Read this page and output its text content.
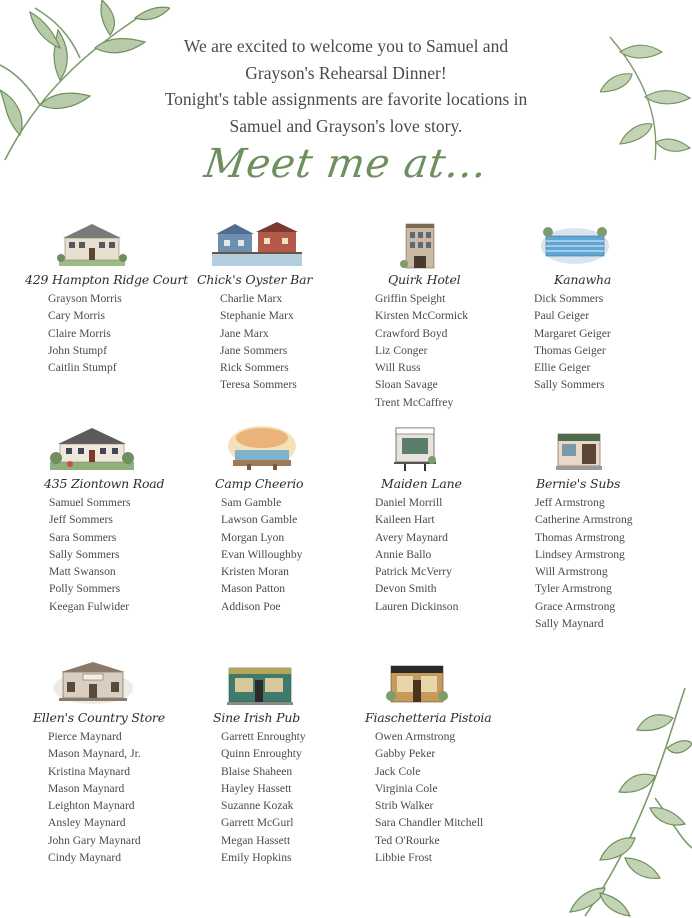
We are excited to welcome you to Samuel and
Grayson's Rehearsal Dinner!
Tonight's table assignments are favorite locations in
Samuel and Grayson's love story.
Meet me at...
429 Hampton Ridge Court
Grayson Morris
Cary Morris
Claire Morris
John Stumpf
Caitlin Stumpf
Chick's Oyster Bar
Charlie Marx
Stephanie Marx
Jane Marx
Jane Sommers
Rick Sommers
Teresa Sommers
Quirk Hotel
Griffin Speight
Kirsten McCormick
Crawford Boyd
Liz Conger
Will Russ
Sloan Savage
Trent McCaffrey
Kanawha
Dick Sommers
Paul Geiger
Margaret Geiger
Thomas Geiger
Ellie Geiger
Sally Sommers
435 Ziontown Road
Samuel Sommers
Jeff Sommers
Sara Sommers
Sally Sommers
Matt Swanson
Polly Sommers
Keegan Fulwider
Camp Cheerio
Sam Gamble
Lawson Gamble
Morgan Lyon
Evan Willoughby
Kristen Moran
Mason Patton
Addison Poe
Maiden Lane
Daniel Morrill
Kaileen Hart
Avery Maynard
Annie Ballo
Patrick McVerry
Devon Smith
Lauren Dickinson
Bernie's Subs
Jeff Armstrong
Catherine Armstrong
Thomas Armstrong
Lindsey Armstrong
Will Armstrong
Tyler Armstrong
Grace Armstrong
Sally Maynard
Ellen's Country Store
Pierce Maynard
Mason Maynard, Jr.
Kristina Maynard
Mason Maynard
Leighton Maynard
Ansley Maynard
John Gary Maynard
Cindy Maynard
Sine Irish Pub
Garrett Enroughty
Quinn Enroughty
Blaise Shaheen
Hayley Hassett
Suzanne Kozak
Garrett McGurl
Megan Hassett
Emily Hopkins
Fiaschetteria Pistoia
Owen Armstrong
Gabby Peker
Jack Cole
Virginia Cole
Strib Walker
Sara Chandler Mitchell
Ted O'Rourke
Libbie Frost
